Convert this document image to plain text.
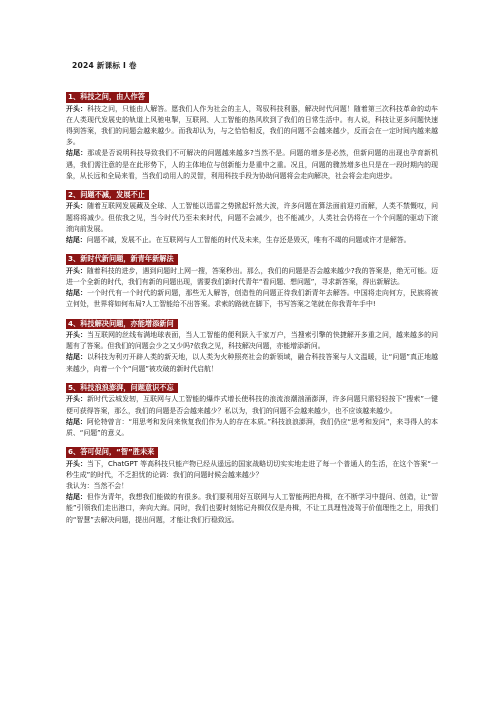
2024 新课标 I 卷
1、科技之问，由人作答

开头：科技之问，只能由人解答。愿我们人作为社会的主人，驾驭科技利器，解决时代问题！随着第三次科技革命的动车在人类现代发展史的轨道上风驰电掣，互联网、人工智能的热风吹到了我们的日常生活中。有人说，科技让更多问题快速得到答案，我们的问题会越来越少。而我却认为，与之恰恰相反，我们的问题不会越来越少，反而会在一定时间内越来越多。

结尾：那或是否说明科技导致我们不可解决的问题越来越多?当然不是。问题的增多是必然，但新问题的出现也孕育新机遇，我们需注意的是在此形势下，人的主体地位与创新能力是重中之重。况且，问题的骤然增多也只是在一段时期内的现象，从长远和全局来看，当我们动用人的灵智，利用科技手段为协助问题将会走向解决，社会将会走向进步。

2、问题不减，发展不止

开头：随着互联网发展藏及全球、人工智能以迅雷之势掀起轩然大波，许多问题在算法面前迎刃而解，人类不禁慨叹，问题将将减少。但依我之见，当今时代乃至未来时代，问题不会减少，也不能减少，人类社会仍将在一个个问题的驱动下滚滚向前发展。

结尾：问题不减，发展不止。在互联网与人工智能的时代及未来，生存还是毁灭，唯有不竭的问题或许才是解答。

3、新时代新问题，新青年新解法

开头：随着科技的进步，遇到问题时上网一搜，答案秒出。那么，我们的问题是否会越来越少?我的答案是，绝无可能。迈进一个全新的时代，我们有新的问题出现，需要我们新时代青年“看问题、想问题”，寻求新答案，得出新解法。

结尾：一个时代有一个时代的新问题，那些无人解答，创造性的问题正待我们新青年去解答。中国将走向何方，民族将被立何处，世界将如何布局?人工智能给不出答案。求索的路就在脚下，书写答案之笔就在你我青年手中!

4、科技解决问题，亦能增添新问

开头：当互联网的丝线布满地球表面，当人工智能的便利跃入千家万户，当搜索引擎的快捷解开多重之问，越来越多的问题有了答案。但我们的问题会少之又少吗?依我之见，科技解决问题，亦能增添新问。

结尾：以科技为利刃开辟人类的新天地，以人类为火种照亮社会的新领域，融合科技答案与人文温暖，让“问题”真正地越来越少，向着一个个“问题”被攻破的新时代启航！

5、科技浪浪澎湃，问题意识不忘

开头：新时代云城发轫，互联网与人工智能的爆炸式增长使科技的浪流浪潮汹涌澎湃，许多问题只需轻轻按下“搜索”一键便可获得答案，那么，我们的问题是否会越来越少？私以为，我们的问题不会越来越少，也不应该越来越少。

结尾：阿伦特曾言：“用思考和发问来恢复我们作为人的存在本质。”科技浪浪澎湃，我们仍应“思考和发问”，来寻得人的本质、“问题”的意义。

6、答可促问，“智”胜未来

开头：当下，ChatGPT 等高科技只能产物已经从遥远的国家战略切切实实地走进了每一个普通人的生活，在这个答案“一秒生成”的时代，不乏担忧的论调：我们的问题时候会越来越少？

我认为：当然不会！

结尾：但作为青年，我想我们能做的有很多。我们要利用好互联网与人工智能两把舟楫，在不断学习中提问、创造，让“智能”引领我们走出港口，奔向大海。同时，我们也要时刻铭记舟楫仅仅是舟楫，不让工具理性凌驾于价值理性之上，用我们的“智慧”去解决问题，提出问题，才能让我们行稳致远。
